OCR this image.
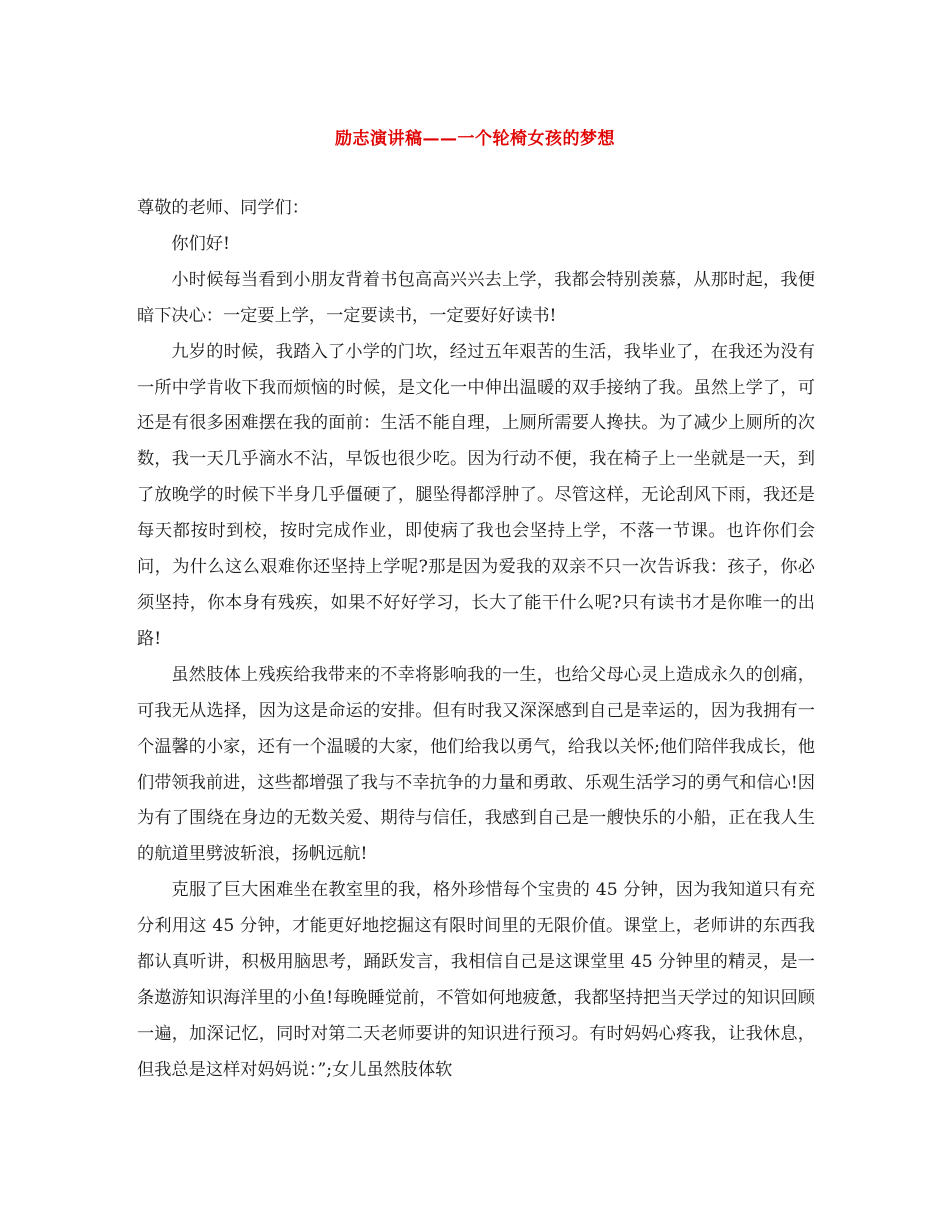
励志演讲稿——一个轮椅女孩的梦想

尊敬的老师、同学们：

你们好!

小时候每当看到小朋友背着书包高高兴兴去上学，我都会特别羡慕，从那时起，我便暗下决心：一定要上学，一定要读书，一定要好好读书!

九岁的时候，我踏入了小学的门坎，经过五年艰苦的生活，我毕业了，在我还为没有一所中学肯收下我而烦恼的时候，是文化一中伸出温暖的双手接纳了我。虽然上学了，可还是有很多困难摆在我的面前：生活不能自理，上厕所需要人搀扶。为了减少上厕所的次数，我一天几乎滴水不沾，早饭也很少吃。因为行动不便，我在椅子上一坐就是一天，到了放晚学的时候下半身几乎僵硬了，腿坠得都浮肿了。尽管这样，无论刮风下雨，我还是每天都按时到校，按时完成作业，即使病了我也会坚持上学，不落一节课。也许你们会问，为什么这么艰难你还坚持上学呢?那是因为爱我的双亲不只一次告诉我：孩子，你必须坚持，你本身有残疾，如果不好好学习，长大了能干什么呢?只有读书才是你唯一的出路!

虽然肢体上残疾给我带来的不幸将影响我的一生，也给父母心灵上造成永久的创痛，可我无从选择，因为这是命运的安排。但有时我又深深感到自己是幸运的，因为我拥有一个温馨的小家，还有一个温暖的大家，他们给我以勇气，给我以关怀;他们陪伴我成长，他们带领我前进，这些都增强了我与不幸抗争的力量和勇敢、乐观生活学习的勇气和信心!因为有了围绕在身边的无数关爱、期待与信任，我感到自己是一艘快乐的小船，正在我人生的航道里劈波斩浪，扬帆远航!

克服了巨大困难坐在教室里的我，格外珍惜每个宝贵的 45 分钟，因为我知道只有充分利用这 45 分钟，才能更好地挖掘这有限时间里的无限价值。课堂上，老师讲的东西我都认真听讲，积极用脑思考，踊跃发言，我相信自己是这课堂里 45 分钟里的精灵，是一条遨游知识海洋里的小鱼!每晚睡觉前，不管如何地疲惫，我都坚持把当天学过的知识回顾一遍，加深记忆，同时对第二天老师要讲的知识进行预习。有时妈妈心疼我，让我休息，但我总是这样对妈妈说：”;女儿虽然肢体软
